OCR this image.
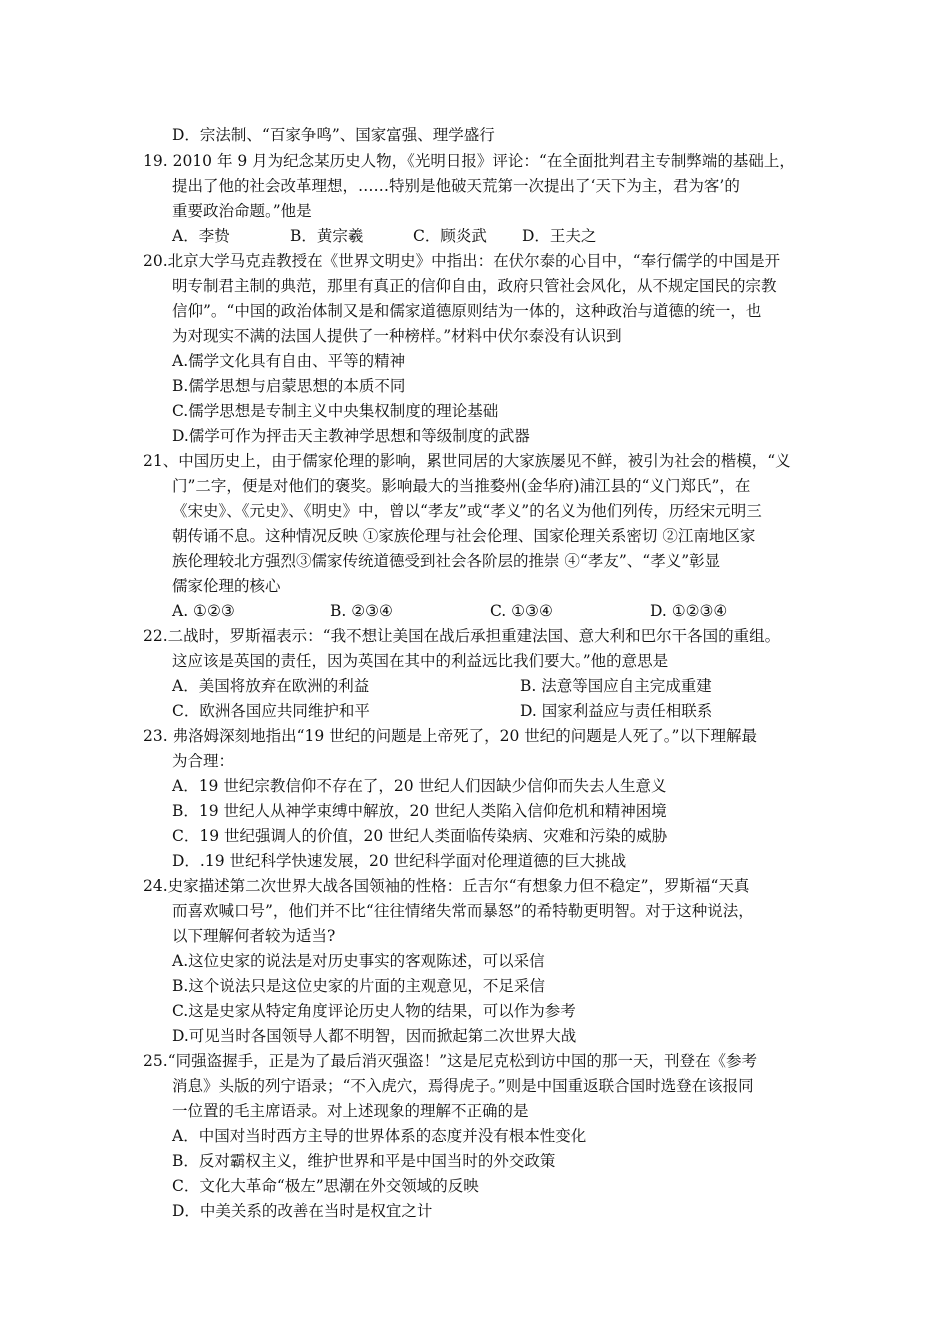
D．宗法制、“百家争鸣”、国家富强、理学盛行
19. 2010 年 9 月为纪念某历史人物，《光明日报》评论：“在全面批判君主专制弊端的基础上，
提出了他的社会改革理想，……特别是他破天荒第一次提出了‘天下为主，君为客’的
重要政治命题。”他是
A．李贽	B．黄宗羲	C．顾炎武 D．王夫之
20.北京大学马克垚教授在《世界文明史》中指出：在伏尔泰的心目中，“奉行儒学的中国是开
明专制君主制的典范，那里有真正的信仰自由，政府只管社会风化，从不规定国民的宗教
信仰”。“中国的政治体制又是和儒家道德原则结为一体的，这种政治与道德的统一，也
为对现实不满的法国人提供了一种榜样。”材料中伏尔泰没有认识到
A.儒学文化具有自由、平等的精神
B.儒学思想与启蒙思想的本质不同
C.儒学思想是专制主义中央集权制度的理论基础
D.儒学可作为抨击天主教神学思想和等级制度的武器
21、中国历史上，由于儒家伦理的影响，累世同居的大家族屡见不鲜，被引为社会的楷模，“义
门”二字，便是对他们的褒奖。影响最大的当推婺州(金华府)浦江县的“义门郑氏”，在
《宋史》、《元史》、《明史》中，曾以“孝友”或“孝义”的名义为他们列传，历经宋元明三
朝传诵不息。这种情况反映 ①家族伦理与社会伦理、国家伦理关系密切 ②江南地区家
族伦理较北方强烈③儒家传统道德受到社会各阶层的推崇 ④“孝友”、“孝义”彰显
儒家伦理的核心
A. ①②③	B. ②③④	C. ①③④	D. ①②③④
22.二战时，罗斯福表示：“我不想让美国在战后承担重建法国、意大利和巴尔干各国的重组。
这应该是英国的责任，因为英国在其中的利益远比我们要大。”他的意思是
A．美国将放弃在欧洲的利益	B. 法意等国应自主完成重建
C．欧洲各国应共同维护和平	D. 国家利益应与责任相联系
23. 弗洛姆深刻地指出“19 世纪的问题是上帝死了，20 世纪的问题是人死了。”以下理解最
为合理：
A．19 世纪宗教信仰不存在了，20 世纪人们因缺少信仰而失去人生意义
B．19 世纪人从神学束缚中解放，20 世纪人类陷入信仰危机和精神困境
C．19 世纪强调人的价值，20 世纪人类面临传染病、灾难和污染的威胁
D．.19 世纪科学快速发展，20 世纪科学面对伦理道德的巨大挑战
24.史家描述第二次世界大战各国领袖的性格：丘吉尔“有想象力但不稳定”，罗斯福“天真
而喜欢喊口号”，他们并不比“往往情绪失常而暴怒”的希特勒更明智。对于这种说法，
以下理解何者较为适当?
A.这位史家的说法是对历史事实的客观陈述，可以采信
B.这个说法只是这位史家的片面的主观意见，不足采信
C.这是史家从特定角度评论历史人物的结果，可以作为参考
D.可见当时各国领导人都不明智，因而掀起第二次世界大战
25.“同强盗握手，正是为了最后消灭强盗！”这是尼克松到访中国的那一天，刊登在《参考
消息》头版的列宁语录；“不入虎穴，焉得虎子。”则是中国重返联合国时选登在该报同
一位置的毛主席语录。对上述现象的理解不正确的是
A．中国对当时西方主导的世界体系的态度并没有根本性变化
B．反对霸权主义，维护世界和平是中国当时的外交政策
C．文化大革命“极左”思潮在外交领域的反映
D．中美关系的改善在当时是权宜之计
